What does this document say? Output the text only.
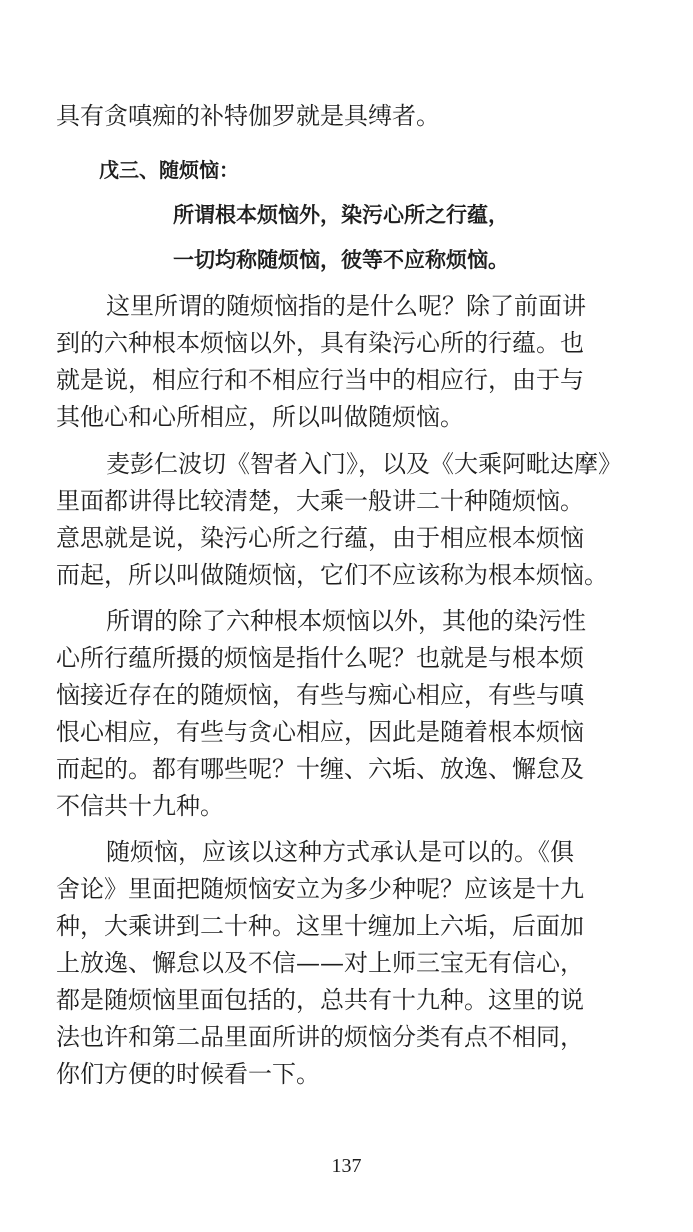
具有贪嗔痴的补特伽罗就是具缚者。
戊三、随烦恼：
所谓根本烦恼外，染污心所之行蕴，
一切均称随烦恼，彼等不应称烦恼。
这里所谓的随烦恼指的是什么呢？除了前面讲
到的六种根本烦恼以外，具有染污心所的行蕴。也
就是说，相应行和不相应行当中的相应行，由于与
其他心和心所相应，所以叫做随烦恼。
麦彭仁波切《智者入门》，以及《大乘阿毗达摩》
里面都讲得比较清楚，大乘一般讲二十种随烦恼。
意思就是说，染污心所之行蕴，由于相应根本烦恼
而起，所以叫做随烦恼，它们不应该称为根本烦恼。
所谓的除了六种根本烦恼以外，其他的染污性
心所行蕴所摄的烦恼是指什么呢？也就是与根本烦
恼接近存在的随烦恼，有些与痴心相应，有些与嗔
恨心相应，有些与贪心相应，因此是随着根本烦恼
而起的。都有哪些呢？十缠、六垢、放逸、懈怠及
不信共十九种。
随烦恼，应该以这种方式承认是可以的。《俱
舍论》里面把随烦恼安立为多少种呢？应该是十九
种，大乘讲到二十种。这里十缠加上六垢，后面加
上放逸、懈怠以及不信——对上师三宝无有信心，
都是随烦恼里面包括的，总共有十九种。这里的说
法也许和第二品里面所讲的烦恼分类有点不相同，
你们方便的时候看一下。
137
